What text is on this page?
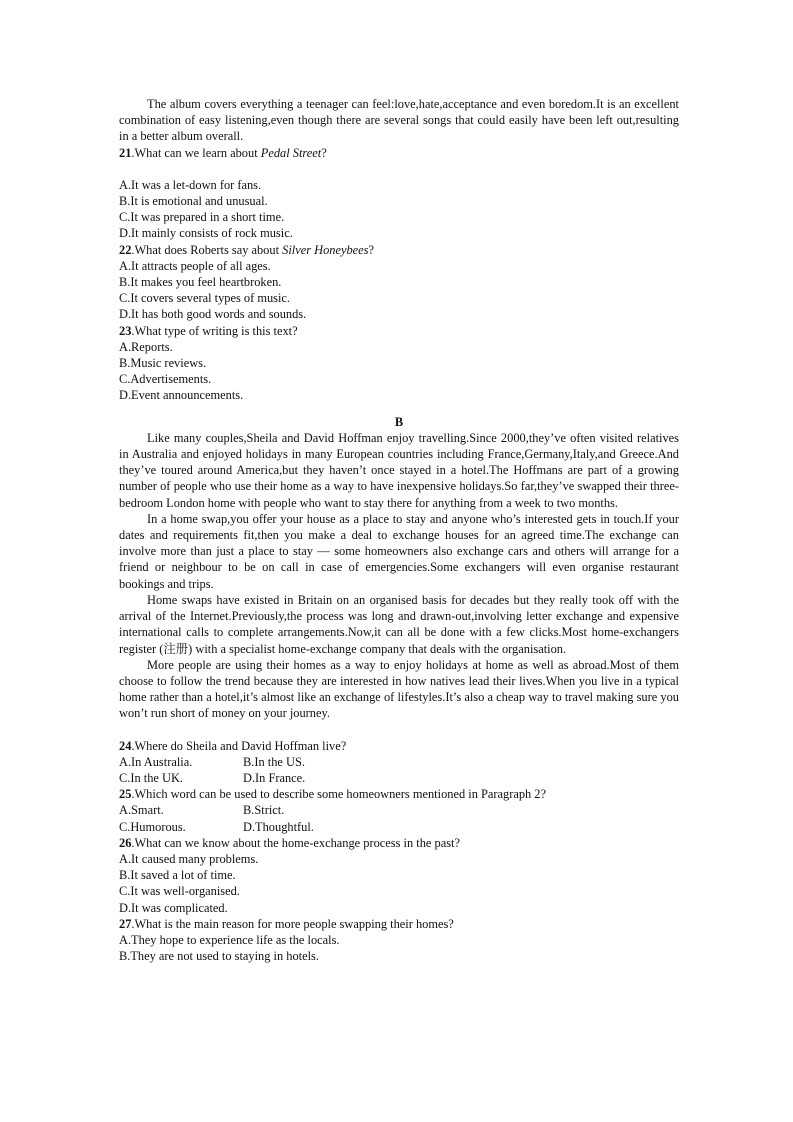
The album covers everything a teenager can feel:love,hate,acceptance and even boredom.It is an excellent combination of easy listening,even though there are several songs that could easily have been left out,resulting in a better album overall.

21.What can we learn about Pedal Street?

A.It was a let-down for fans.

B.It is emotional and unusual.

C.It was prepared in a short time.

D.It mainly consists of rock music.

22.What does Roberts say about Silver Honeybees?

A.It attracts people of all ages.

B.It makes you feel heartbroken.

C.It covers several types of music.

D.It has both good words and sounds.

23.What type of writing is this text?

A.Reports.

B.Music reviews.

C.Advertisements.

D.Event announcements.

B

Like many couples,Sheila and David Hoffman enjoy travelling.Since 2000,they’ve often visited relatives in Australia and enjoyed holidays in many European countries including France,Germany,Italy,and Greece.And they’ve toured around America,but they haven’t once stayed in a hotel.The Hoffmans are part of a growing number of people who use their home as a way to have inexpensive holidays.So far,they’ve swapped their three-bedroom London home with people who want to stay there for anything from a week to two months.

In a home swap,you offer your house as a place to stay and anyone who’s interested gets in touch.If your dates and requirements fit,then you make a deal to exchange houses for an agreed time.The exchange can involve more than just a place to stay — some homeowners also exchange cars and others will arrange for a friend or neighbour to be on call in case of emergencies.Some exchangers will even organise restaurant bookings and trips.

Home swaps have existed in Britain on an organised basis for decades but they really took off with the arrival of the Internet.Previously,the process was long and drawn-out,involving letter exchange and expensive international calls to complete arrangements.Now,it can all be done with a few clicks.Most home-exchangers register (注册) with a specialist home-exchange company that deals with the organisation.

More people are using their homes as a way to enjoy holidays at home as well as abroad.Most of them choose to follow the trend because they are interested in how natives lead their lives.When you live in a typical home rather than a hotel,it’s almost like an exchange of lifestyles.It’s also a cheap way to travel making sure you won’t run short of money on your journey.

24.Where do Sheila and David Hoffman live?

A.In Australia.	B.In the US.
C.In the UK.	D.In France.

25.Which word can be used to describe some homeowners mentioned in Paragraph 2?

A.Smart.	B.Strict.
C.Humorous.	D.Thoughtful.

26.What can we know about the home-exchange process in the past?

A.It caused many problems.

B.It saved a lot of time.

C.It was well-organised.

D.It was complicated.

27.What is the main reason for more people swapping their homes?

A.They hope to experience life as the locals.

B.They are not used to staying in hotels.
